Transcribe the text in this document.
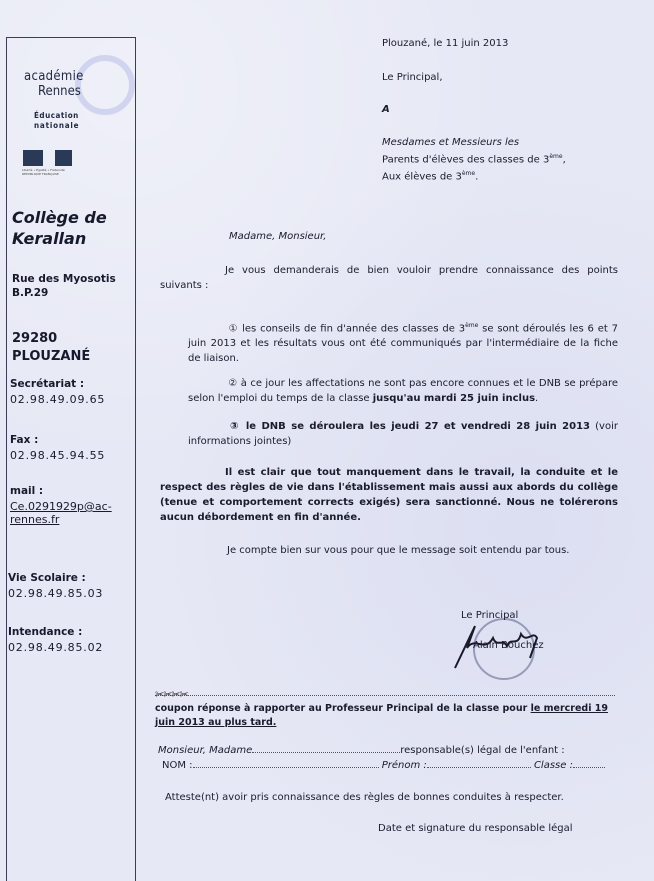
académie
Rennes
Éducation
nationale
Liberté • Égalité • Fraternité RÉPUBLIQUE FRANÇAISE
Collège de
Kerallan
Rue des Myosotis
B.P.29
29280
PLOUZANÉ
Secrétariat :
02.98.49.09.65
Fax :
02.98.45.94.55
mail :
Ce.0291929p@ac-
rennes.fr
Vie Scolaire :
02.98.49.85.03
Intendance :
02.98.49.85.02
Plouzané, le 11 juin 2013
Le Principal,
A
Mesdames et Messieurs les
Parents d'élèves des classes de 3ème,
Aux élèves de 3ème.
Madame, Monsieur,
Je vous demanderais de bien vouloir prendre connaissance des points suivants :
① les conseils de fin d'année des classes de 3ème se sont déroulés les 6 et 7 juin 2013 et les résultats vous ont été communiqués par l'intermédiaire de la fiche de liaison.
② à ce jour les affectations ne sont pas encore connues et le DNB se prépare selon l'emploi du temps de la classe jusqu'au mardi 25 juin inclus.
③ le DNB se déroulera les jeudi 27 et vendredi 28 juin 2013 (voir informations jointes)
Il est clair que tout manquement dans le travail, la conduite et le respect des règles de vie dans l'établissement mais aussi aux abords du collège (tenue et comportement corrects exigés) sera sanctionné. Nous ne tolérerons aucun débordement en fin d'année.
Je compte bien sur vous pour que le message soit entendu par tous.
Le Principal
Alain Bouchez
✂✂✂✂
coupon réponse à rapporter au Professeur Principal de la classe pour le mercredi 19 juin 2013 au plus tard.
Monsieur, Madame	responsable(s) légal de l'enfant :
NOM :	Prénom :	Classe :
Atteste(nt) avoir pris connaissance des règles de bonnes conduites à respecter.
Date et signature du responsable légal
